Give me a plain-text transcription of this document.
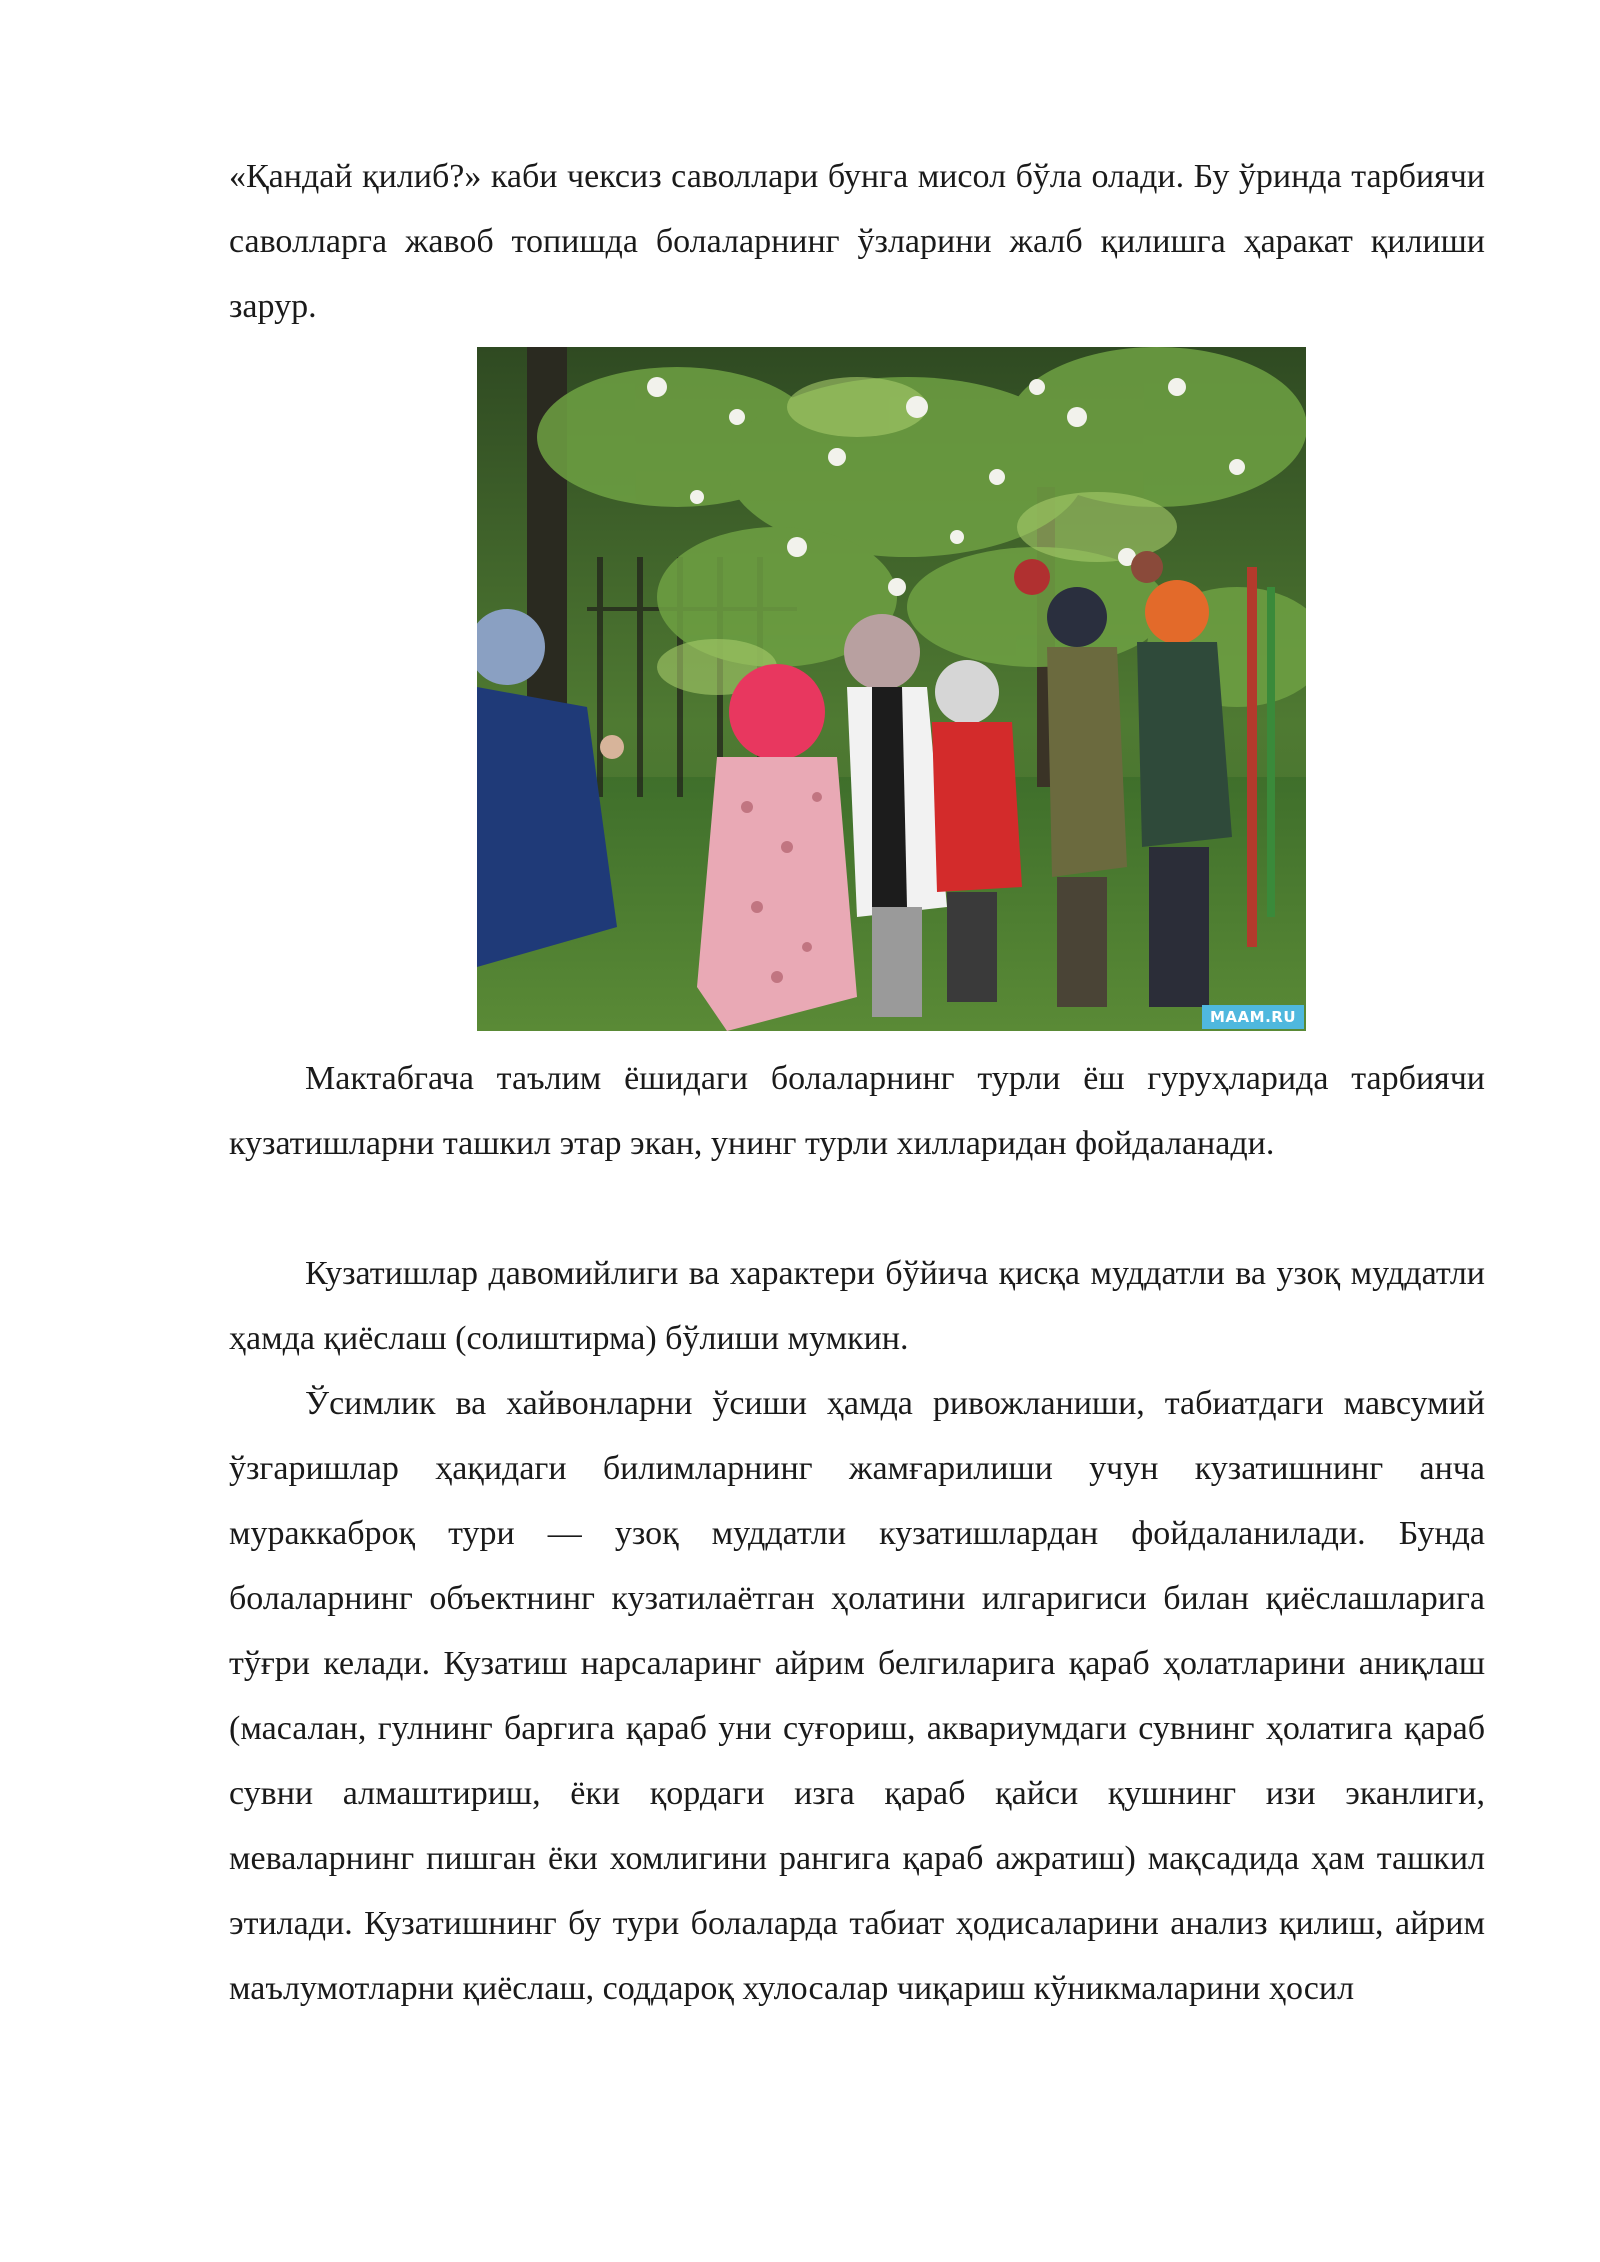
«Қандай қилиб?» каби чексиз саволлари бунга мисол бўла олади. Бу ўринда тарбиячи саволларга жавоб топишда болаларнинг ўзларини жалб қилишга ҳаракат қилиши зарур.

MAAM.RU

Мактабгача таълим ёшидаги болаларнинг турли ёш гуруҳларида тарбиячи кузатишларни ташкил этар экан, унинг турли хилларидан фойдаланади.

Кузатишлар давомийлиги ва характери бўйича қисқа муддатли ва узоқ муддатли ҳамда қиёслаш (солиштирма) бўлиши мумкин.

Ўсимлик ва хайвонларни ўсиши ҳамда ривожланиши, табиатдаги мавсумий ўзгаришлар ҳақидаги билимларнинг жамғарилиши учун кузатишнинг анча мураккаброқ тури — узоқ муддатли кузатишлардан фойдаланилади. Бунда болаларнинг объектнинг кузатилаётган ҳолатини илгаригиси билан қиёслашларига тўғри келади. Кузатиш нарсаларинг айрим белгиларига қараб ҳолатларини аниқлаш (масалан, гулнинг баргига қараб уни суғориш, аквариумдаги сувнинг ҳолатига қараб сувни алмаштириш, ёки қордаги изга қараб қайси қушнинг изи эканлиги, меваларнинг пишган ёки хомлигини рангига қараб ажратиш) мақсадида ҳам ташкил этилади. Кузатишнинг бу тури болаларда табиат ҳодисаларини анализ қилиш, айрим маълумотларни қиёслаш, соддароқ хулосалар чиқариш кўникмаларини ҳосил
